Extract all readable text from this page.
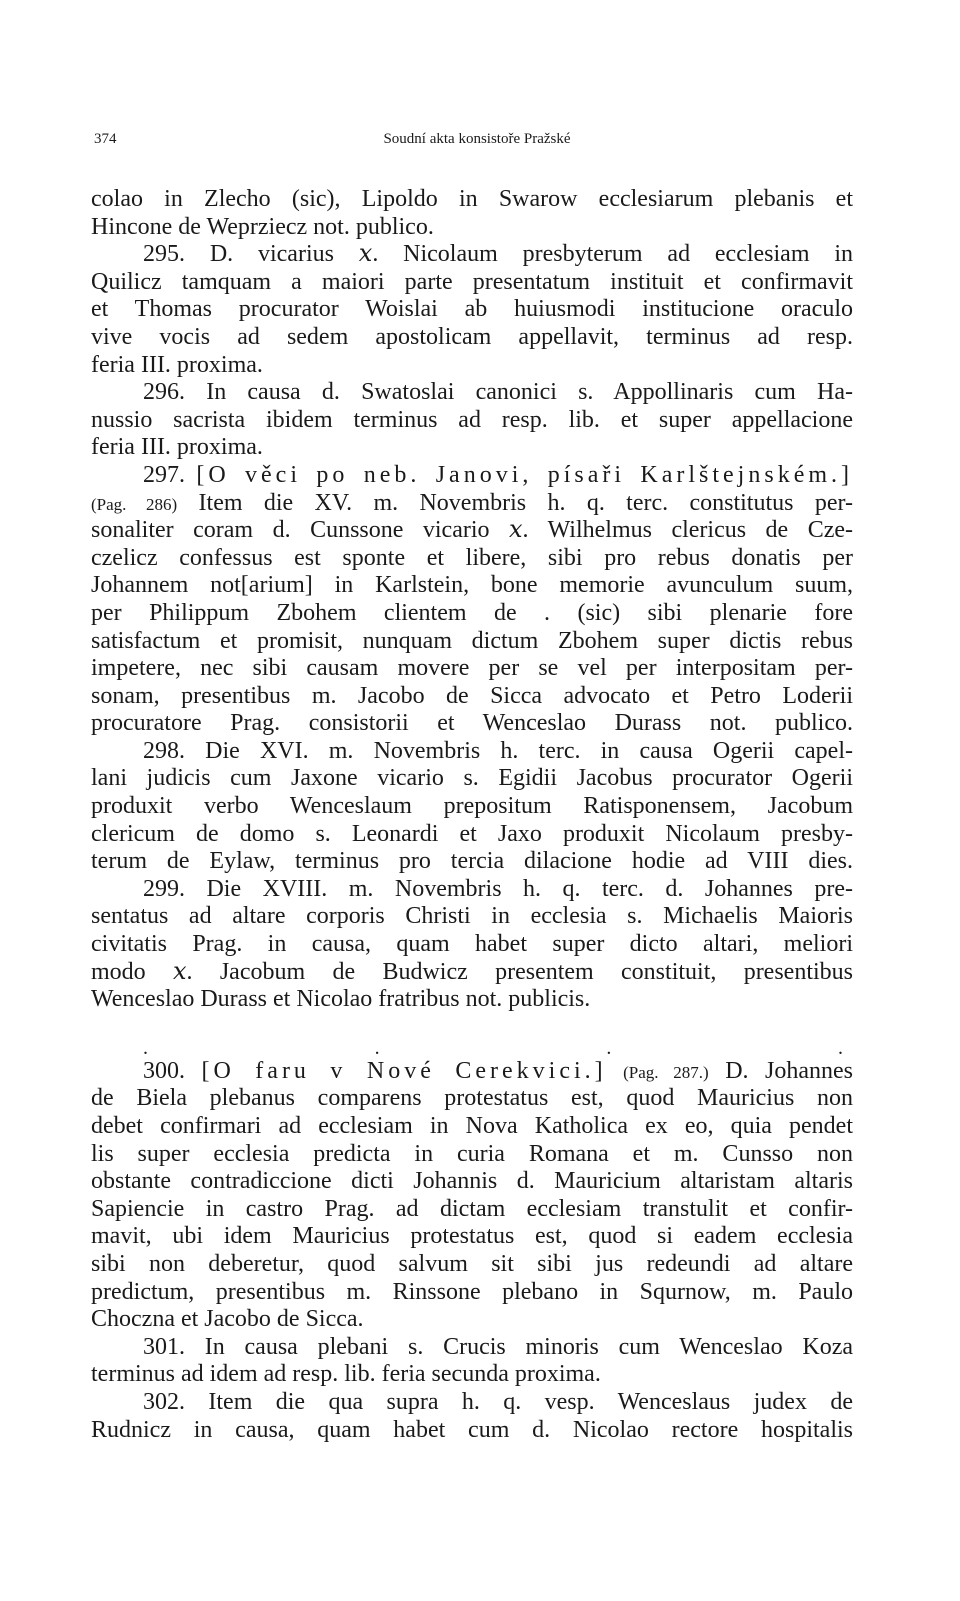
374	Soudní akta konsistoře Pražské
colao in Zlecho (sic), Lipoldo in Swarow ecclesiarum plebanis et
Hincone de Weprziecz not. publico.
295. D. vicarius 𝑥. Nicolaum presbyterum ad ecclesiam in
Quilicz tamquam a maiori parte presentatum instituit et confirmavit
et Thomas procurator Woislai ab huiusmodi institucione oraculo
vive vocis ad sedem apostolicam appellavit, terminus ad resp.
feria III. proxima.
296. In causa d. Swatoslai canonici s. Appollinaris cum Ha-
nussio sacrista ibidem terminus ad resp. lib. et super appellacione
feria III. proxima.
297. [O věci po neb. Janovi, písaři Karlštejnském.]
(Pag. 286) Item die XV. m. Novembris h. q. terc. constitutus per-
sonaliter coram d. Cunssone vicario 𝑥. Wilhelmus clericus de Cze-
czelicz confessus est sponte et libere, sibi pro rebus donatis per
Johannem not[arium] in Karlstein, bone memorie avunculum suum,
per Philippum Zbohem clientem de . (sic) sibi plenarie fore
satisfactum et promisit, nunquam dictum Zbohem super dictis rebus
impetere, nec sibi causam movere per se vel per interpositam per-
sonam, presentibus m. Jacobo de Sicca advocato et Petro Loderii
procuratore Prag. consistorii et Wenceslao Durass not. publico.
298. Die XVI. m. Novembris h. terc. in causa Ogerii capel-
lani judicis cum Jaxone vicario s. Egidii Jacobus procurator Ogerii
produxit verbo Wenceslaum prepositum Ratisponensem, Jacobum
clericum de domo s. Leonardi et Jaxo produxit Nicolaum presby-
terum de Eylaw, terminus pro tercia dilacione hodie ad VIII dies.
299. Die XVIII. m. Novembris h. q. terc. d. Johannes pre-
sentatus ad altare corporis Christi in ecclesia s. Michaelis Maioris
civitatis Prag. in causa, quam habet super dicto altari, meliori
modo 𝑥. Jacobum de Budwicz presentem constituit, presentibus
Wenceslao Durass et Nicolao fratribus not. publicis.
. . . .
300. [O faru v Nové Cerekvici.] (Pag. 287.) D. Johannes
de Biela plebanus comparens protestatus est, quod Mauricius non
debet confirmari ad ecclesiam in Nova Katholica ex eo, quia pendet
lis super ecclesia predicta in curia Romana et m. Cunsso non
obstante contradiccione dicti Johannis d. Mauricium altaristam altaris
Sapiencie in castro Prag. ad dictam ecclesiam transtulit et confir-
mavit, ubi idem Mauricius protestatus est, quod si eadem ecclesia
sibi non deberetur, quod salvum sit sibi jus redeundi ad altare
predictum, presentibus m. Rinssone plebano in Squrnow, m. Paulo
Choczna et Jacobo de Sicca.
301. In causa plebani s. Crucis minoris cum Wenceslao Koza
terminus ad idem ad resp. lib. feria secunda proxima.
302. Item die qua supra h. q. vesp. Wenceslaus judex de
Rudnicz in causa, quam habet cum d. Nicolao rectore hospitalis
